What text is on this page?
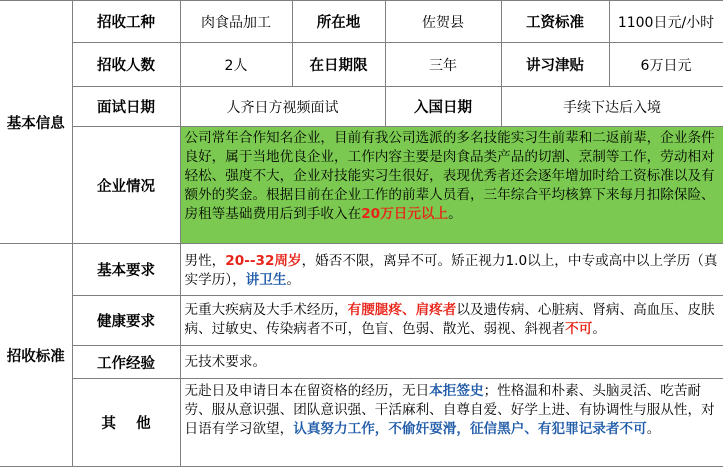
基本信息	招收工种	肉食品加工	所在地	佐贺县	工资标准	1100日元/小时
	招收人数	2人	在日期限	三年	讲习津贴	6万日元
	面试日期	人齐日方视频面试		入国日期	手续下达后入境	
	企业情况	公司常年合作知名企业，目前有我公司选派的多名技能实习生前辈和二返前辈，企业条件良好，属于当地优良企业，工作内容主要是肉食品类产品的切割、烹制等工作，劳动相对轻松、强度不大，企业对技能实习生很好，表现优秀者还会逐年增加时给工资标准以及有额外的奖金。根据目前在企业工作的前辈人员看，三年综合平均核算下来每月扣除保险、房租等基础费用后到手收入在20万日元以上。				
招收标准	基本要求	男性，20--32周岁，婚否不限，离异不可。矫正视力1.0以上，中专或高中以上学历（真实学历），讲卫生。				
	健康要求	无重大疾病及大手术经历，有腰腿疼、肩疼者以及遗传病、心脏病、肾病、高血压、皮肤病、过敏史、传染病者不可，色盲、色弱、散光、弱视、斜视者不可。				
	工作经验	无技术要求。				
	其    他	无赴日及申请日本在留资格的经历，无日本拒签史；性格温和朴素、头脑灵活、吃苦耐劳、服从意识强、团队意识强、干活麻利、自尊自爱、好学上进、有协调性与服从性，对日语有学习欲望，认真努力工作，不偷奸耍滑，征信黑户、有犯罪记录者不可。				
